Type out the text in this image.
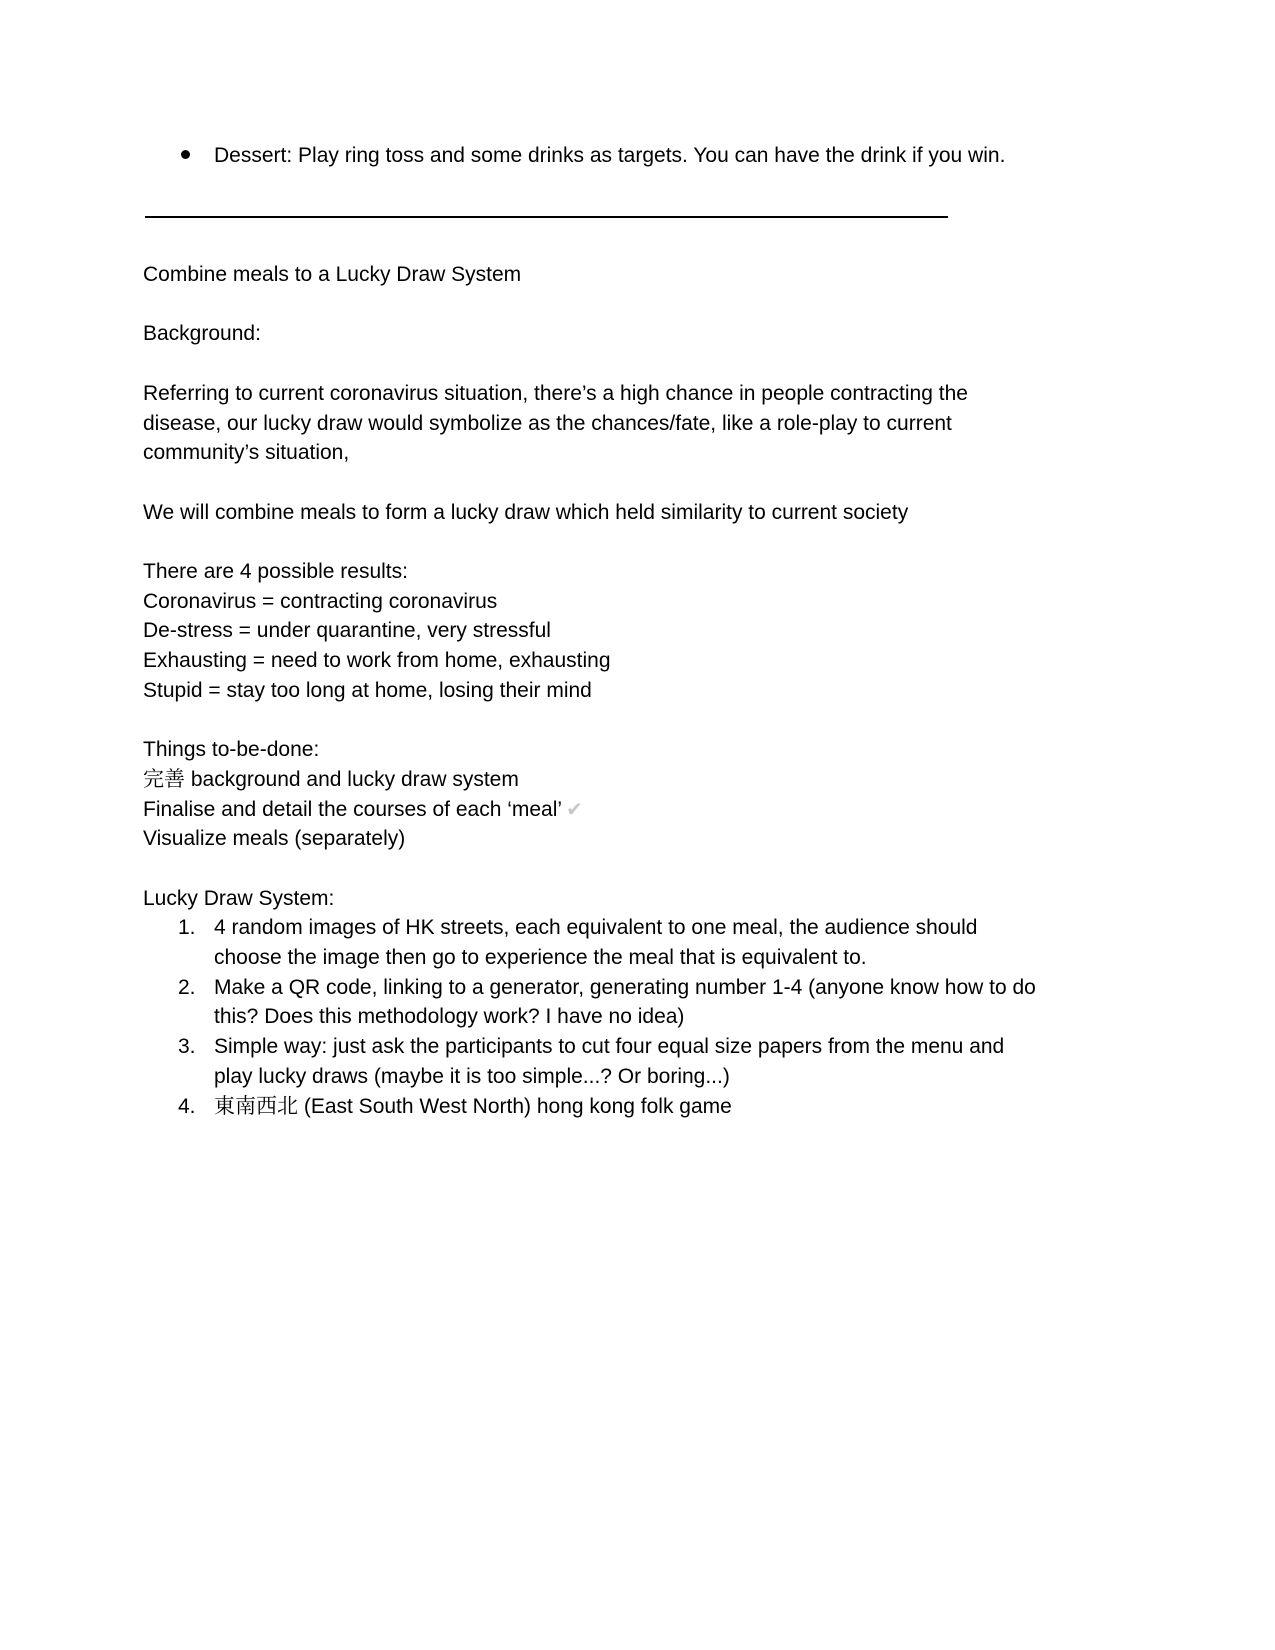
Dessert: Play ring toss and some drinks as targets. You can have the drink if you win.
Combine meals to a Lucky Draw System
Background:
Referring to current coronavirus situation, there’s a high chance in people contracting the
disease, our lucky draw would symbolize as the chances/fate, like a role-play to current
community’s situation,
We will combine meals to form a lucky draw which held similarity to current society
There are 4 possible results:
Coronavirus = contracting coronavirus
De-stress = under quarantine, very stressful
Exhausting = need to work from home, exhausting
Stupid = stay too long at home, losing their mind
Things to-be-done:
完善 background and lucky draw system
Finalise and detail the courses of each ‘meal’ ✔
Visualize meals (separately)
Lucky Draw System:
1. 4 random images of HK streets, each equivalent to one meal, the audience should
choose the image then go to experience the meal that is equivalent to.
2. Make a QR code, linking to a generator, generating number 1-4 (anyone know how to do
this? Does this methodology work? I have no idea)
3. Simple way: just ask the participants to cut four equal size papers from the menu and
play lucky draws (maybe it is too simple...? Or boring...)
4. 東南西北 (East South West North) hong kong folk game
